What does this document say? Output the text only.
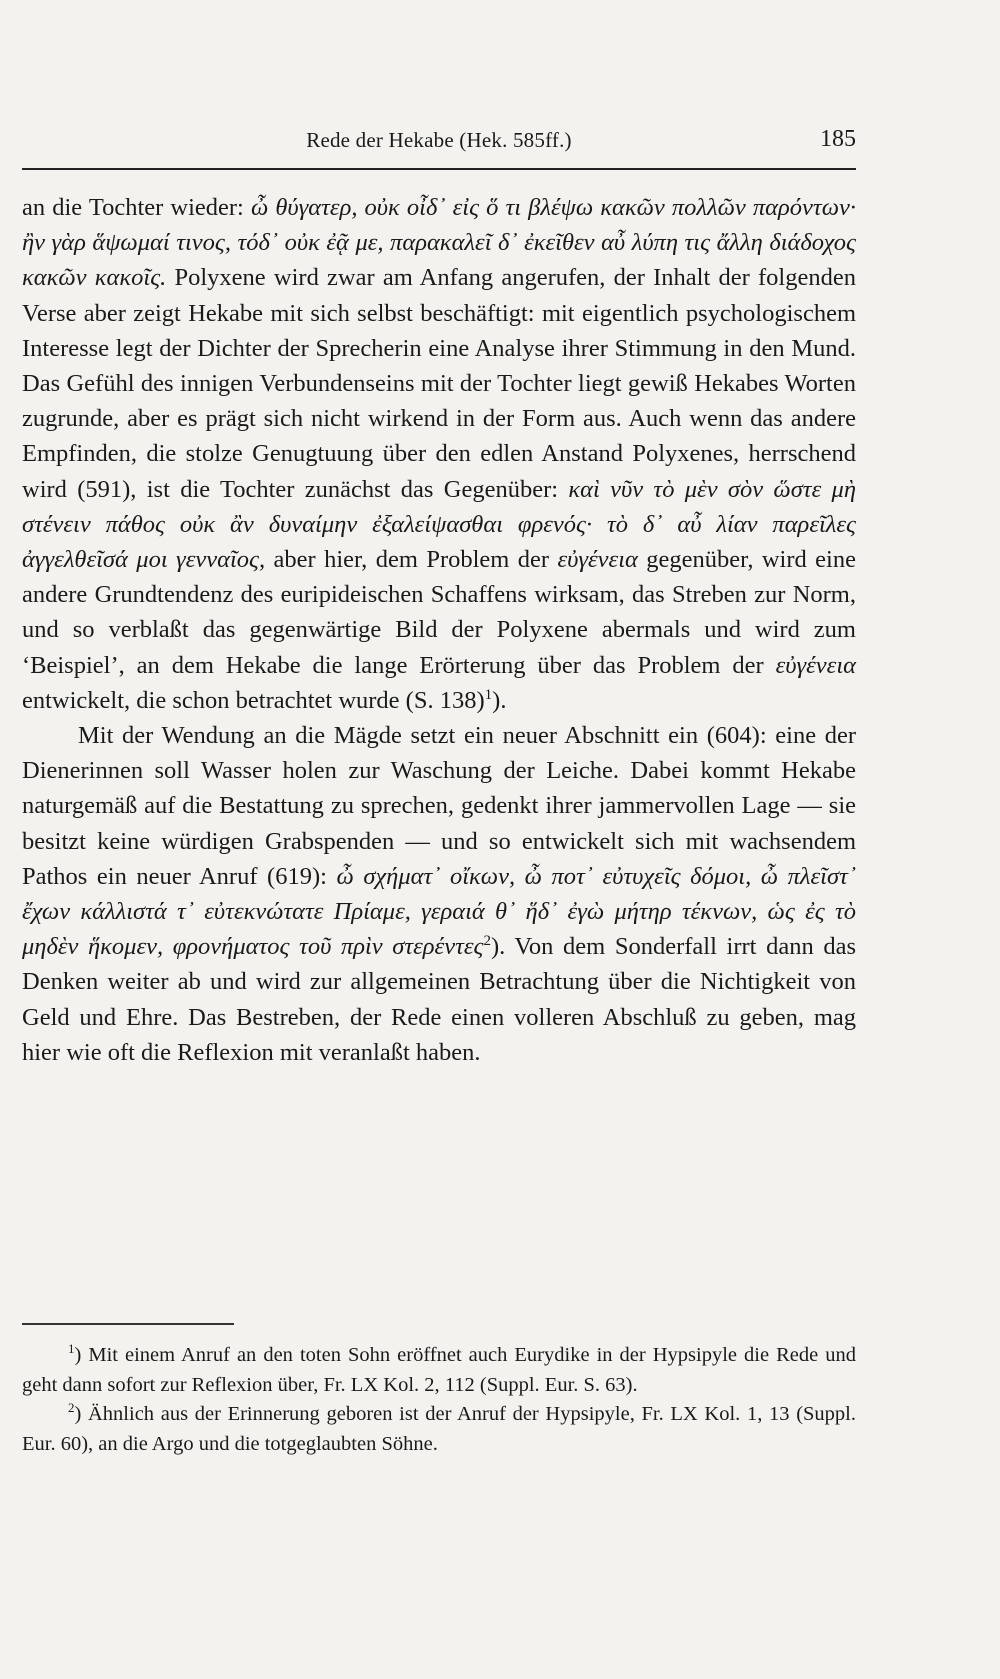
Rede der Hekabe (Hek. 585ff.)	185

an die Tochter wieder: ὦ θύγατερ, οὐκ οἶδ᾽ εἰς ὅ τι βλέψω κακῶν πολλῶν παρόντων· ἢν γὰρ ἅψωμαί τινος, τόδ᾽ οὐκ ἐᾷ με, παρακαλεῖ δ᾽ ἐκεῖθεν αὖ λύπη τις ἄλλη διάδοχος κακῶν κακοῖς. Polyxene wird zwar am Anfang angerufen, der Inhalt der folgenden Verse aber zeigt Hekabe mit sich selbst beschäftigt: mit eigentlich psychologischem Interesse legt der Dichter der Sprecherin eine Analyse ihrer Stimmung in den Mund. Das Gefühl des innigen Verbundenseins mit der Tochter liegt gewiß Hekabes Worten zugrunde, aber es prägt sich nicht wirkend in der Form aus. Auch wenn das andere Empfinden, die stolze Genugtuung über den edlen Anstand Polyxenes, herrschend wird (591), ist die Tochter zunächst das Gegenüber: καὶ νῦν τὸ μὲν σὸν ὥστε μὴ στένειν πάθος οὐκ ἂν δυναίμην ἐξαλείψασθαι φρενός· τὸ δ᾽ αὖ λίαν παρεῖλες ἀγγελθεῖσά μοι γενναῖος, aber hier, dem Problem der εὐγένεια gegenüber, wird eine andere Grundtendenz des euripideischen Schaffens wirksam, das Streben zur Norm, und so verblaßt das gegenwärtige Bild der Polyxene abermals und wird zum ‘Beispiel’, an dem Hekabe die lange Erörterung über das Problem der εὐγένεια entwickelt, die schon betrachtet wurde (S. 138)$^1$).

Mit der Wendung an die Mägde setzt ein neuer Abschnitt ein (604): eine der Dienerinnen soll Wasser holen zur Waschung der Leiche. Dabei kommt Hekabe naturgemäß auf die Bestattung zu sprechen, gedenkt ihrer jammervollen Lage — sie besitzt keine würdigen Grabspenden — und so entwickelt sich mit wachsendem Pathos ein neuer Anruf (619): ὦ σχήματ᾽ οἴκων, ὦ ποτ᾽ εὐτυχεῖς δόμοι, ὦ πλεῖστ᾽ ἔχων κάλλιστά τ᾽ εὐτεκνώτατε Πρίαμε, γεραιά θ᾽ ἥδ᾽ ἐγὼ μήτηρ τέκνων, ὡς ἐς τὸ μηδὲν ἥκομεν, φρονήματος τοῦ πρὶν στερέντες$^2$). Von dem Sonderfall irrt dann das Denken weiter ab und wird zur allgemeinen Betrachtung über die Nichtigkeit von Geld und Ehre. Das Bestreben, der Rede einen volleren Abschluß zu geben, mag hier wie oft die Reflexion mit veranlaßt haben.

$^1$) Mit einem Anruf an den toten Sohn eröffnet auch Eurydike in der Hypsipyle die Rede und geht dann sofort zur Reflexion über, Fr. LX Kol. 2, 112 (Suppl. Eur. S. 63).

$^2$) Ähnlich aus der Erinnerung geboren ist der Anruf der Hypsipyle, Fr. LX Kol. 1, 13 (Suppl. Eur. 60), an die Argo und die totgeglaubten Söhne.
